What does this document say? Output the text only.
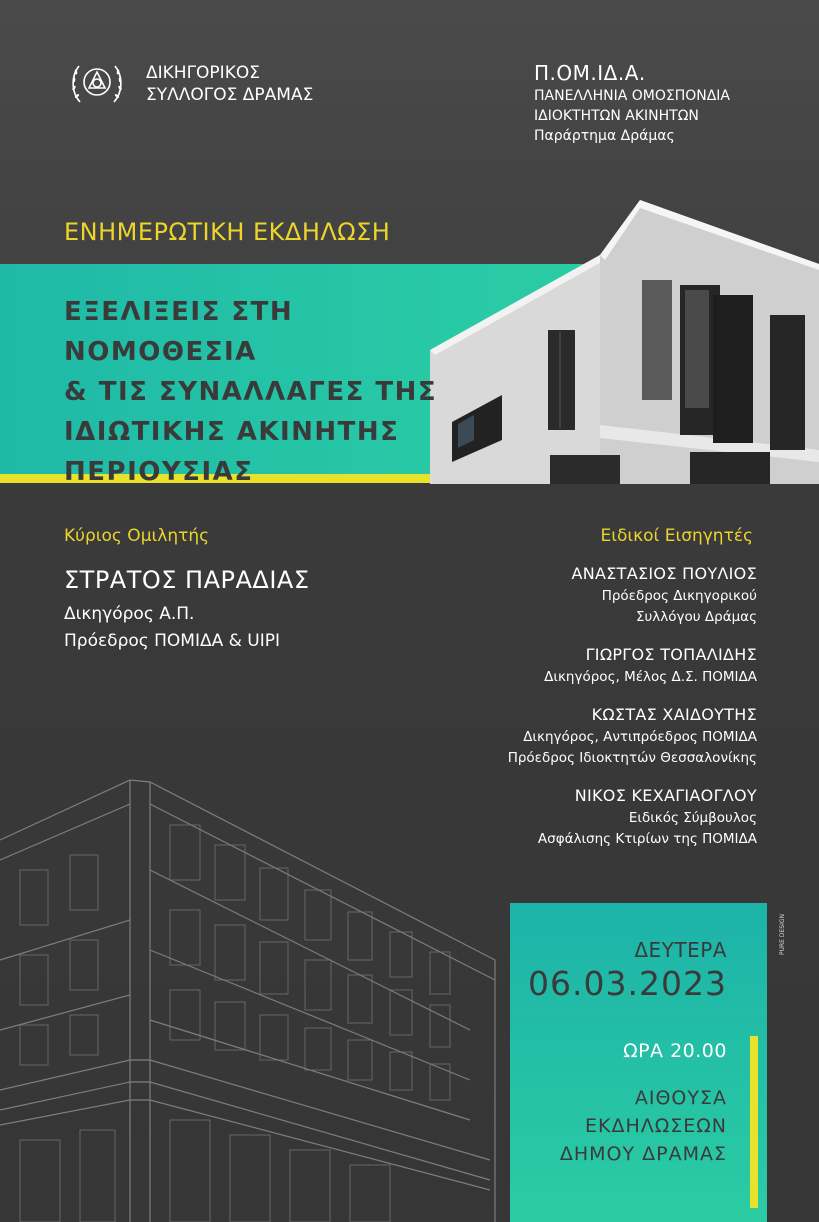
ΔΙΚΗΓΟΡΙΚΟΣ
ΣΥΛΛΟΓΟΣ ΔΡΑΜΑΣ
Π.ΟΜ.ΙΔ.Α.
ΠΑΝΕΛΛΗΝΙΑ ΟΜΟΣΠΟΝΔΙΑ
ΙΔΙΟΚΤΗΤΩΝ ΑΚΙΝΗΤΩΝ
Παράρτημα Δράμας
ΕΝΗΜΕΡΩΤΙΚΗ ΕΚΔΗΛΩΣΗ
ΕΞΕΛΙΞΕΙΣ ΣΤΗ ΝΟΜΟΘΕΣΙΑ
& ΤΙΣ ΣΥΝΑΛΛΑΓΕΣ ΤΗΣ
ΙΔΙΩΤΙΚΗΣ ΑΚΙΝΗΤΗΣ
ΠΕΡΙΟΥΣΙΑΣ
Κύριος Ομιλητής
ΣΤΡΑΤΟΣ ΠΑΡΑΔΙΑΣ
Δικηγόρος Α.Π.
Πρόεδρος ΠΟΜΙΔΑ & UIPI
Ειδικοί Εισηγητές
ΑΝΑΣΤΑΣΙΟΣ ΠΟΥΛΙΟΣ
Πρόεδρος Δικηγορικού
Συλλόγου Δράμας
ΓΙΩΡΓΟΣ ΤΟΠΑΛΙΔΗΣ
Δικηγόρος, Μέλος Δ.Σ. ΠΟΜΙΔΑ
ΚΩΣΤΑΣ ΧΑΙΔΟΥΤΗΣ
Δικηγόρος, Αντιπρόεδρος ΠΟΜΙΔΑ
Πρόεδρος Ιδιοκτητών Θεσσαλονίκης
ΝΙΚΟΣ ΚΕΧΑΓΙΑΟΓΛΟΥ
Ειδικός Σύμβουλος
Ασφάλισης Κτιρίων της ΠΟΜΙΔΑ
ΔΕΥΤΕΡΑ
06.03.2023
ΩΡΑ 20.00
ΑΙΘΟΥΣΑ
ΕΚΔΗΛΩΣΕΩΝ
ΔΗΜΟΥ ΔΡΑΜΑΣ
PURE DESIGN
